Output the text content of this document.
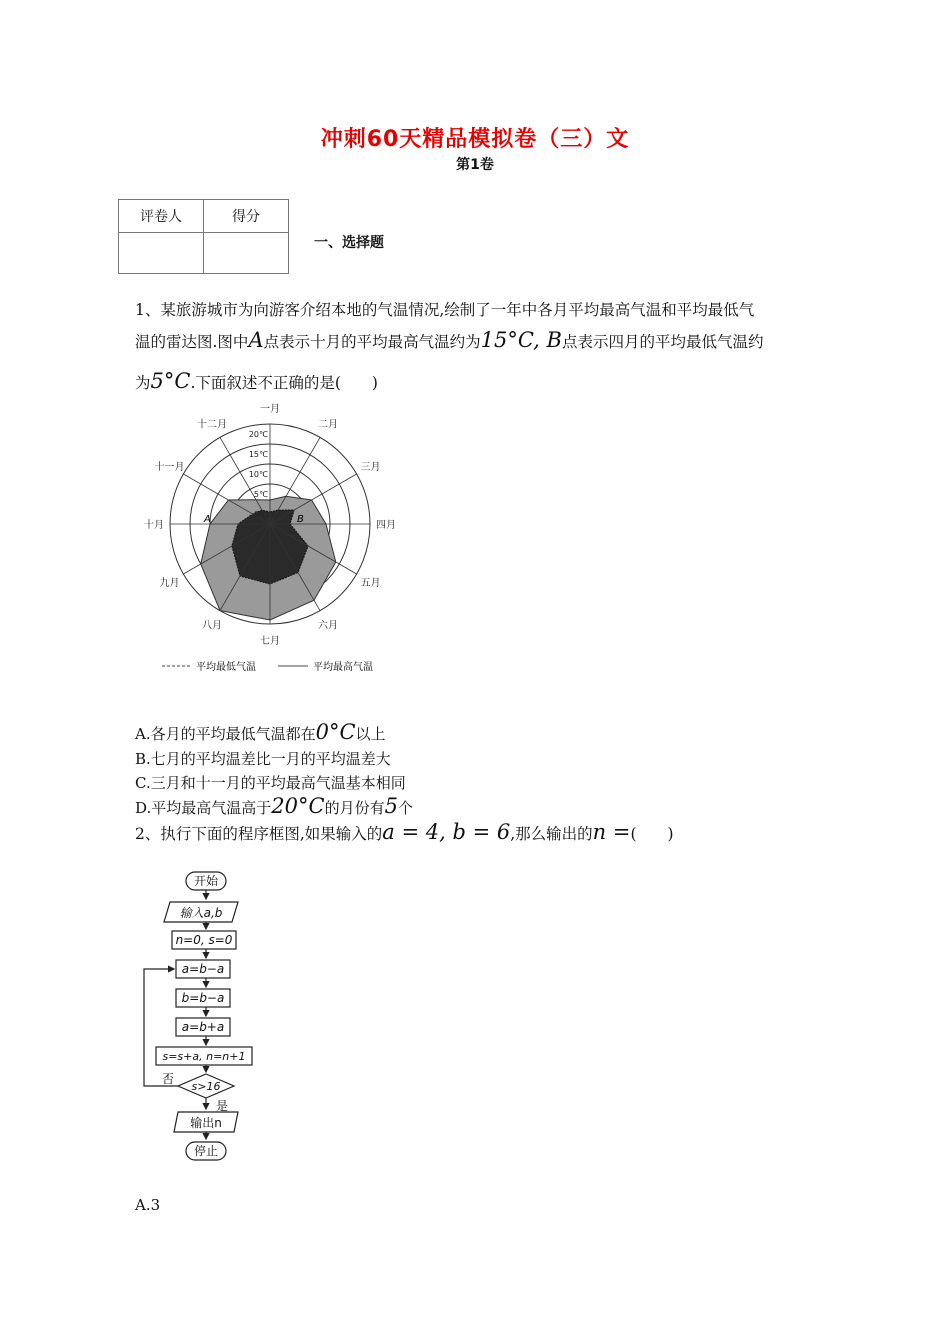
冲刺60天精品模拟卷（三）文
第1卷
评卷人	得分

一、选择题
1、某旅游城市为向游客介绍本地的气温情况,绘制了一年中各月平均最高气温和平均最低气
温的雷达图.图中A点表示十月的平均最高气温约为15°C, B点表示四月的平均最低气温约
为5°C.下面叙述不正确的是(　　)
20℃
15℃
10℃
5℃
0℃
一月
二月
三月
四月
五月
六月
七月
八月
九月
十月
十一月
十二月
A	B
平均最低气温	平均最高气温
A.各月的平均最低气温都在0°C以上
B.七月的平均温差比一月的平均温差大
C.三月和十一月的平均最高气温基本相同
D.平均最高气温高于20°C的月份有5个
2、执行下面的程序框图,如果输入的a = 4, b = 6,那么输出的n =(　　)
开始
输入a,b
n=0, s=0
a=b−a
b=b−a
a=b+a
s=s+a, n=n+1
s>16
否
是
输出n
停止
A.3
